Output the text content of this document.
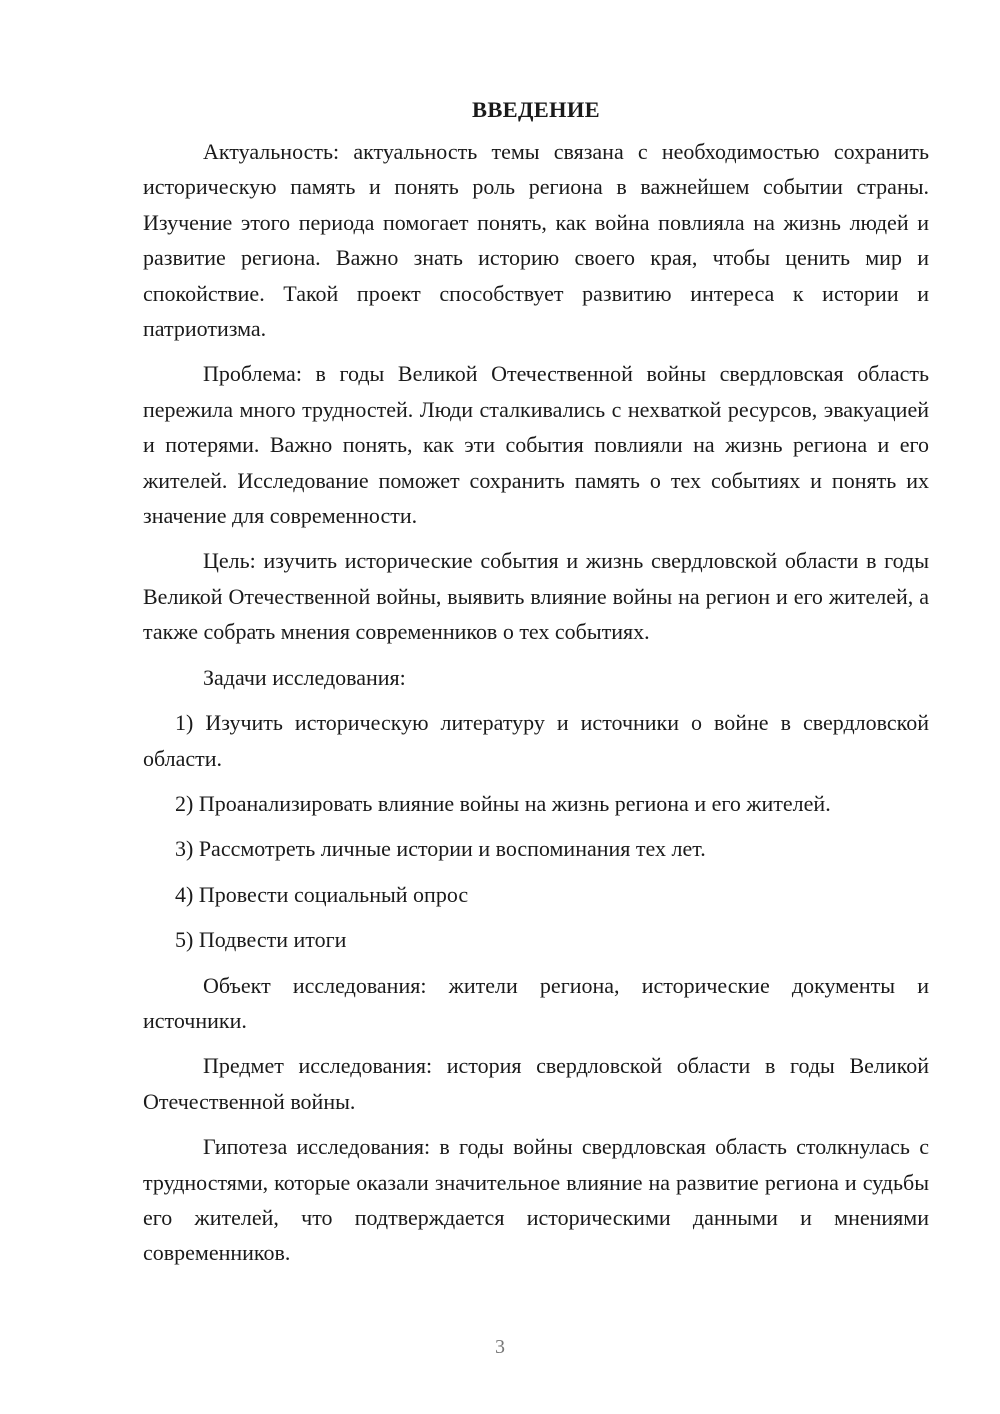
ВВЕДЕНИЕ

Актуальность: актуальность темы связана с необходимостью сохранить историческую память и понять роль региона в важнейшем событии страны. Изучение этого периода помогает понять, как война повлияла на жизнь людей и развитие региона. Важно знать историю своего края, чтобы ценить мир и спокойствие. Такой проект способствует развитию интереса к истории и патриотизма.

Проблема: в годы Великой Отечественной войны свердловская область пережила много трудностей. Люди сталкивались с нехваткой ресурсов, эвакуацией и потерями. Важно понять, как эти события повлияли на жизнь региона и его жителей. Исследование поможет сохранить память о тех событиях и понять их значение для современности.

Цель: изучить исторические события и жизнь свердловской области в годы Великой Отечественной войны, выявить влияние войны на регион и его жителей, а также собрать мнения современников о тех событиях.

Задачи исследования:

1) Изучить историческую литературу и источники о войне в свердловской области.

2) Проанализировать влияние войны на жизнь региона и его жителей.

3) Рассмотреть личные истории и воспоминания тех лет.

4) Провести социальный опрос

5) Подвести итоги

Объект исследования: жители региона, исторические документы и источники.

Предмет исследования: история свердловской области в годы Великой Отечественной войны.

Гипотеза исследования: в годы войны свердловская область столкнулась с трудностями, которые оказали значительное влияние на развитие региона и судьбы его жителей, что подтверждается историческими данными и мнениями современников.

3
